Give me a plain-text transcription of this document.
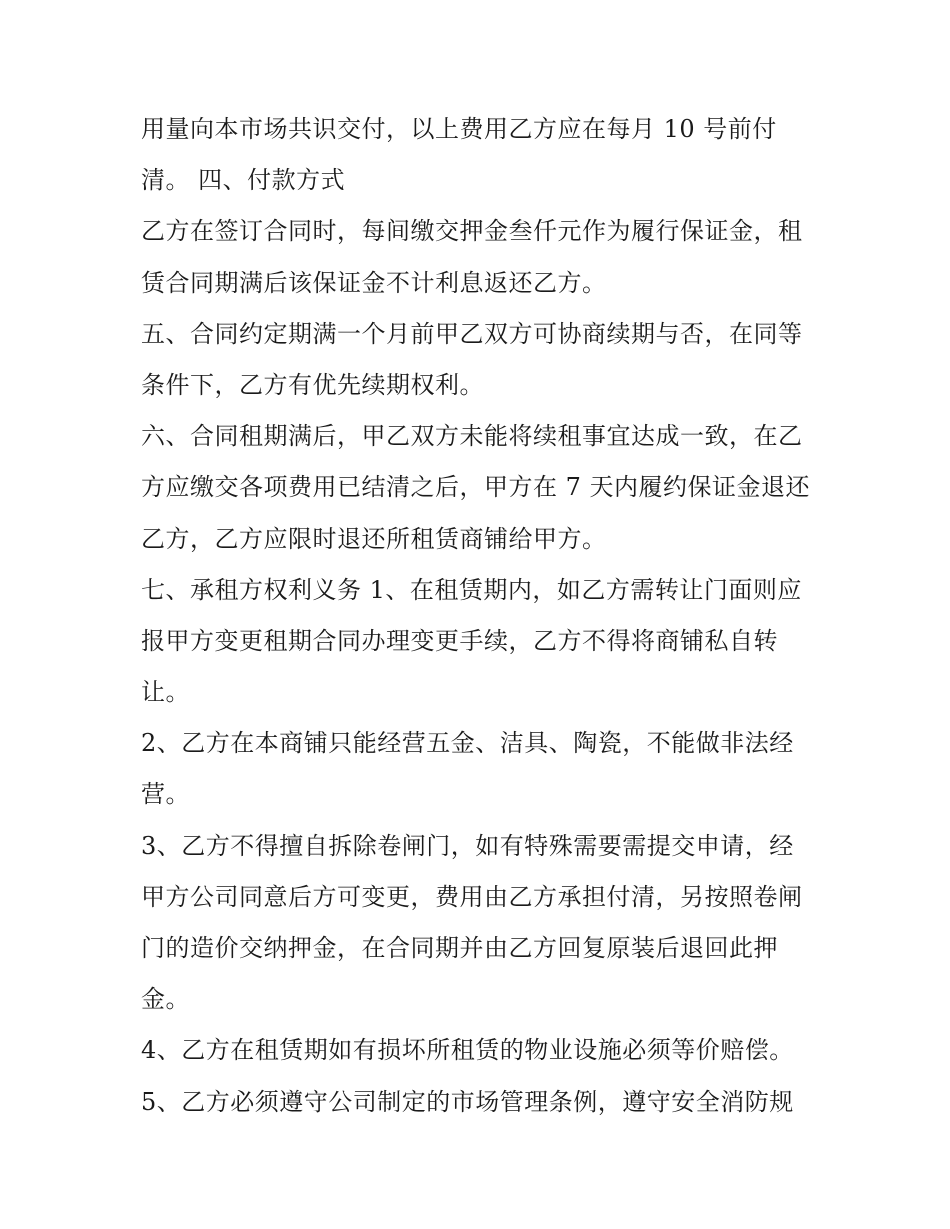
用量向本市场共识交付，以上费用乙方应在每月 10 号前付
清。 四、付款方式
乙方在签订合同时，每间缴交押金叁仟元作为履行保证金，租
赁合同期满后该保证金不计利息返还乙方。
五、合同约定期满一个月前甲乙双方可协商续期与否，在同等
条件下，乙方有优先续期权利。
六、合同租期满后，甲乙双方未能将续租事宜达成一致，在乙
方应缴交各项费用已结清之后，甲方在 7 天内履约保证金退还
乙方，乙方应限时退还所租赁商铺给甲方。
七、承租方权利义务 1、在租赁期内，如乙方需转让门面则应
报甲方变更租期合同办理变更手续，乙方不得将商铺私自转
让。
2、乙方在本商铺只能经营五金、洁具、陶瓷，不能做非法经
营。
3、乙方不得擅自拆除卷闸门，如有特殊需要需提交申请，经
甲方公司同意后方可变更，费用由乙方承担付清，另按照卷闸
门的造价交纳押金，在合同期并由乙方回复原装后退回此押
金。
4、乙方在租赁期如有损坏所租赁的物业设施必须等价赔偿。
5、乙方必须遵守公司制定的市场管理条例，遵守安全消防规
